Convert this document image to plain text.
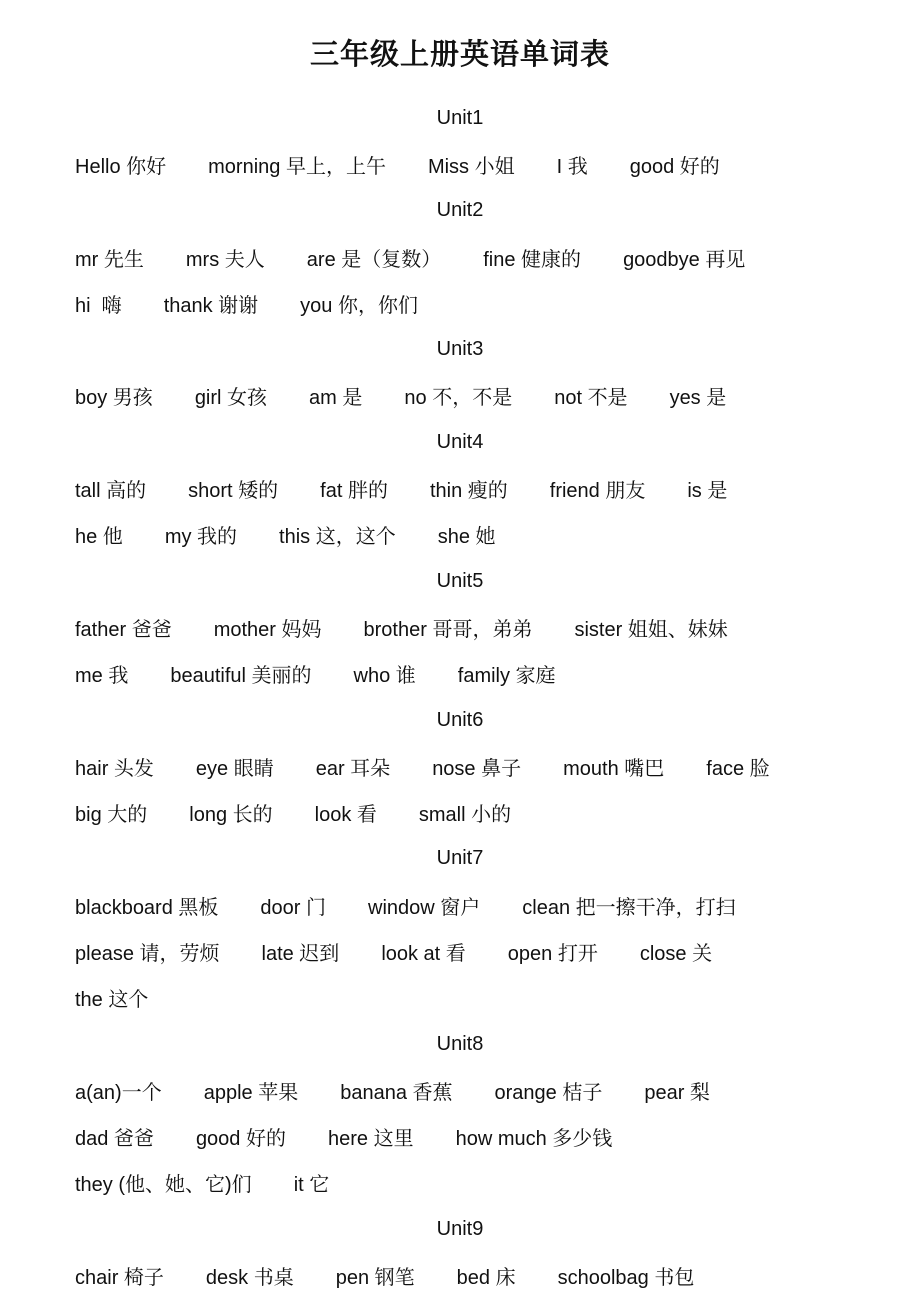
三年级上册英语单词表
Unit1
Hello 你好 morning 早上，上午 Miss 小姐 I 我 good 好的
Unit2
mr 先生 mrs 夫人 are 是（复数） fine 健康的 goodbye 再见
hi  嗨 thank 谢谢 you 你，你们
Unit3
boy 男孩 girl 女孩 am 是 no 不，不是 not 不是 yes 是
Unit4
tall 高的 short 矮的 fat 胖的 thin 瘦的 friend 朋友 is 是
he 他 my 我的 this 这，这个 she 她
Unit5
father 爸爸 mother 妈妈 brother 哥哥，弟弟 sister 姐姐、妹妹
me 我 beautiful 美丽的 who 谁 family 家庭
Unit6
hair 头发 eye 眼睛 ear 耳朵 nose 鼻子 mouth 嘴巴 face 脸
big 大的 long 长的 look 看 small 小的
Unit7
blackboard 黑板 door 门 window 窗户 clean 把一擦干净，打扫
please 请，劳烦 late 迟到 look at 看 open 打开 close 关
the 这个
Unit8
a(an)一个 apple 苹果 banana 香蕉 orange 桔子 pear 梨
dad 爸爸 good 好的 here 这里 how much 多少钱
they (他、她、它)们 it 它
Unit9
chair 椅子 desk 书桌 pen 钢笔 bed 床 schoolbag 书包
